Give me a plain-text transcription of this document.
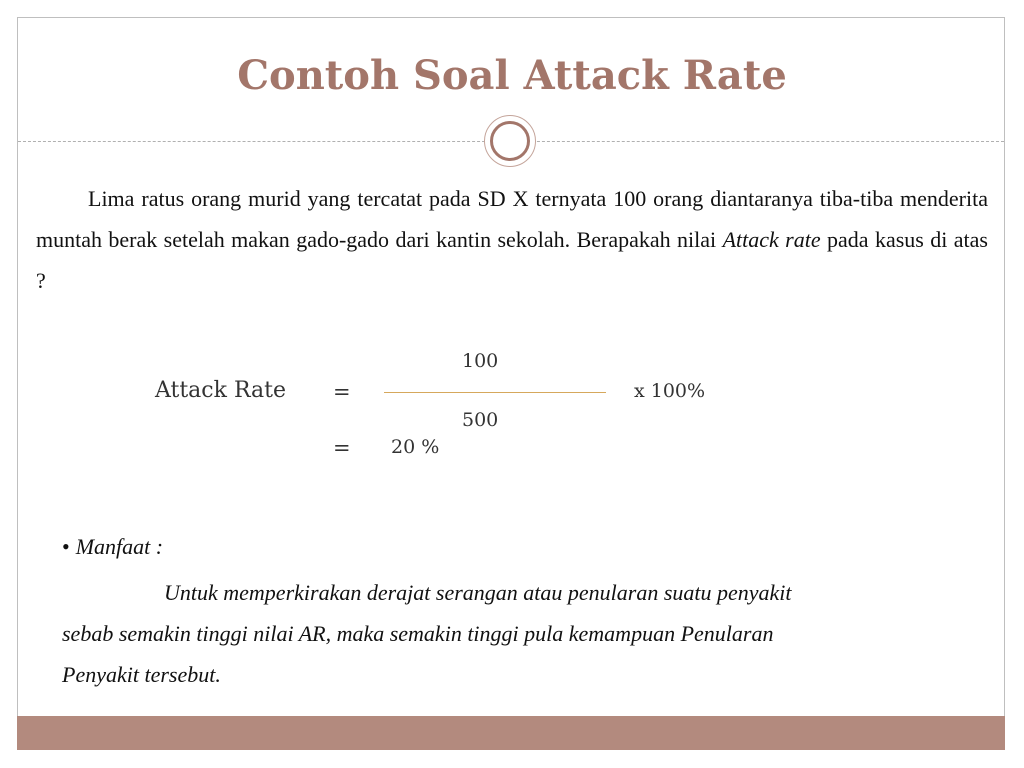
Contoh Soal Attack Rate

Lima ratus orang murid yang tercatat pada SD X ternyata 100 orang diantaranya tiba-tiba menderita muntah berak setelah makan gado-gado dari kantin sekolah. Berapakah nilai Attack rate pada kasus di atas ?

Attack Rate =
100
500
x 100%
= 20 %
• Manfaat :

Untuk memperkirakan derajat serangan atau penularan suatu penyakit
sebab semakin tinggi nilai AR, maka semakin tinggi pula kemampuan Penularan
Penyakit tersebut.
